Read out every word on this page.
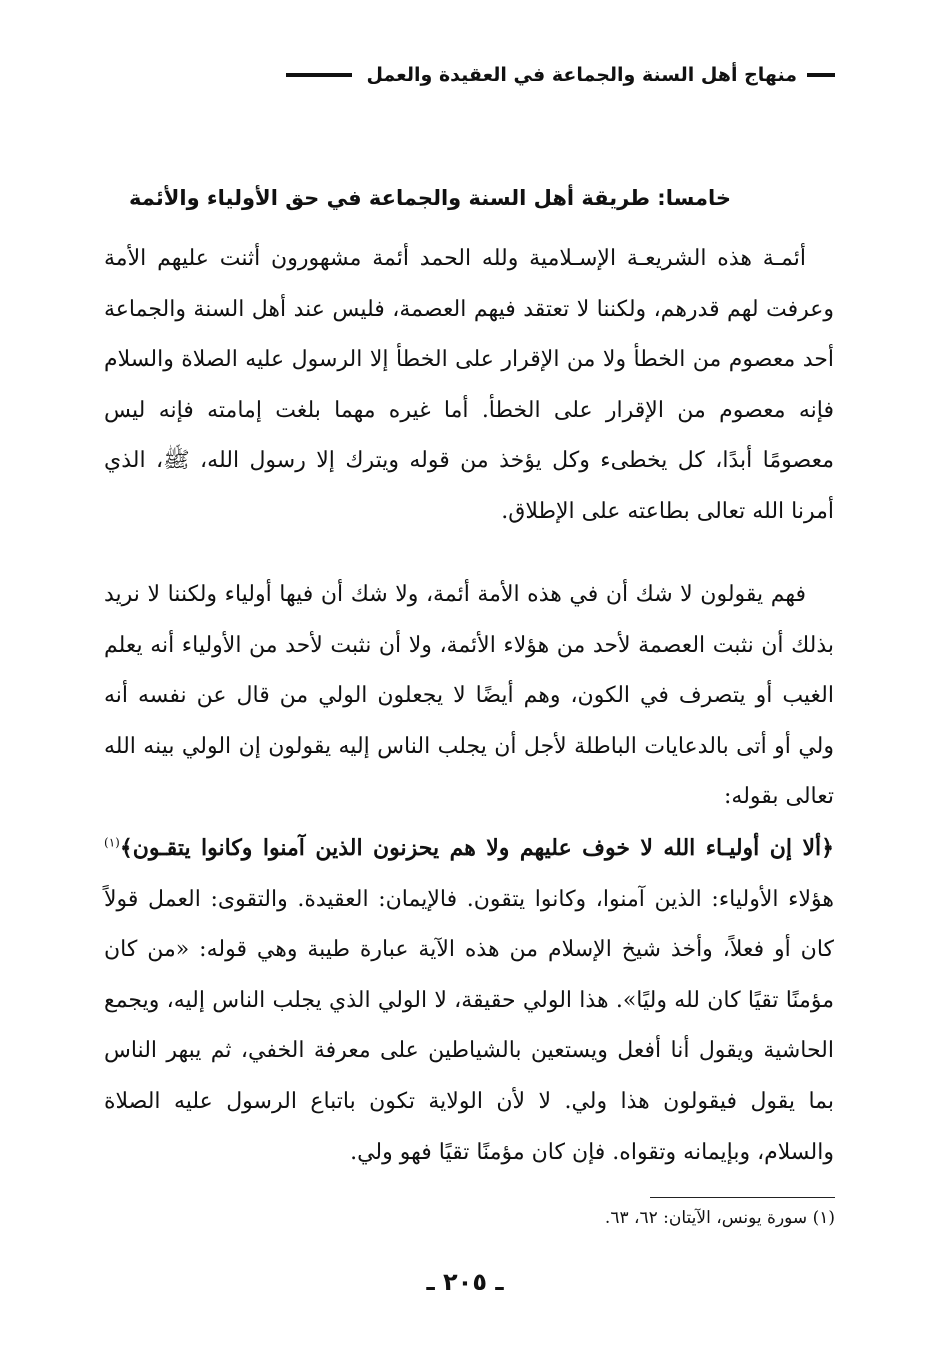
منهاج أهل السنة والجماعة في العقيدة والعمل
خامسا: طريقة أهل السنة والجماعة في حق الأولياء والأئمة

أئمـة هذه الشريعـة الإسـلامية ولله الحمد أئمة مشهورون أثنت عليهم الأمة وعرفت لهم قدرهم، ولكننا لا تعتقد فيهم العصمة، فليس عند أهل السنة والجماعة أحد معصوم من الخطأ ولا من الإقرار على الخطأ إلا الرسول عليه الصلاة والسلام فإنه معصوم من الإقرار على الخطأ. أما غيره مهما بلغت إمامته فإنه ليس معصومًا أبدًا، كل يخطىء وكل يؤخذ من قوله ويترك إلا رسول الله، ﷺ، الذي أمرنا الله تعالى بطاعته على الإطلاق.

فهم يقولون لا شك أن في هذه الأمة أئمة، ولا شك أن فيها أولياء ولكننا لا نريد بذلك أن نثبت العصمة لأحد من هؤلاء الأئمة، ولا أن نثبت لأحد من الأولياء أنه يعلم الغيب أو يتصرف في الكون، وهم أيضًا لا يجعلون الولي من قال عن نفسه أنه ولي أو أتى بالدعايات الباطلة لأجل أن يجلب الناس إليه يقولون إن الولي بينه الله تعالى بقوله:

﴿ألا إن أوليـاء الله لا خوف عليهم ولا هم يحزنون الذين آمنوا وكانوا يتقـون﴾$^{(١)}$ هؤلاء الأولياء: الذين آمنوا، وكانوا يتقون. فالإيمان: العقيدة. والتقوى: العمل قولاً كان أو فعلاً، وأخذ شيخ الإسلام من هذه الآية عبارة طيبة وهي قوله: «من كان مؤمنًا تقيًا كان لله وليًا». هذا الولي حقيقة، لا الولي الذي يجلب الناس إليه، ويجمع الحاشية ويقول أنا أفعل ويستعين بالشياطين على معرفة الخفي، ثم يبهر الناس بما يقول فيقولون هذا ولي. لا لأن الولاية تكون باتباع الرسول عليه الصلاة والسلام، وبإيمانه وتقواه. فإن كان مؤمنًا تقيًا فهو ولي.

(١) سورة يونس، الآيتان: ٦٢، ٦٣.
ـ ٢٠٥ ـ
